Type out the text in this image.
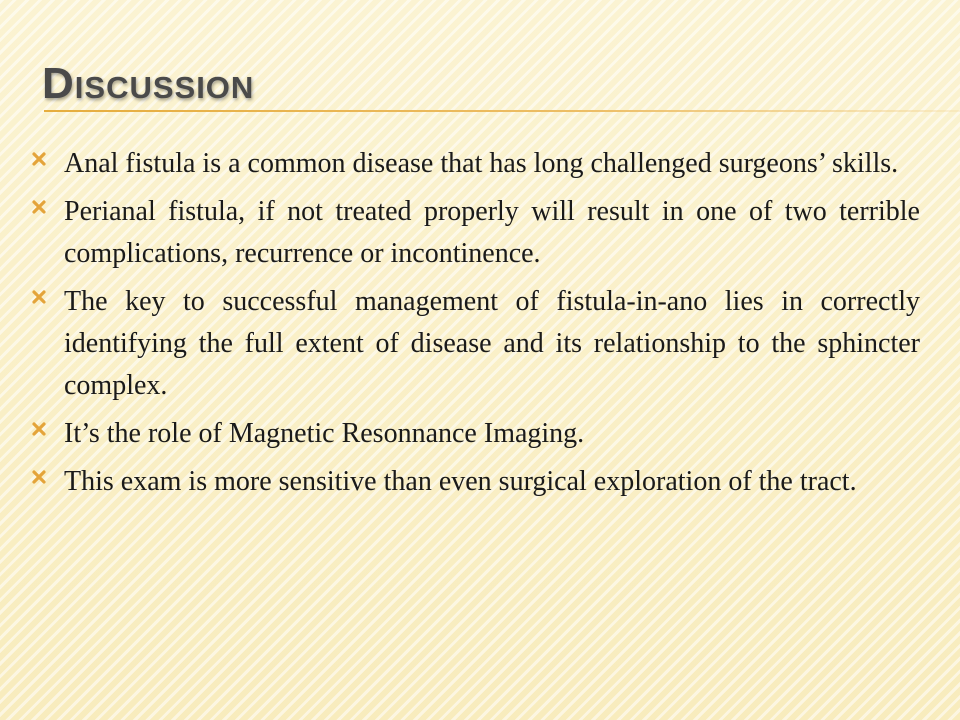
Discussion
Anal fistula is a common disease that has long challenged surgeons’ skills.
Perianal fistula, if not treated properly will result in one of two terrible complications, recurrence or incontinence.
The key to successful management of fistula-in-ano lies in correctly identifying the full extent of disease and its relationship to the sphincter complex.
It’s the role of Magnetic Resonnance Imaging.
This exam is more sensitive than even surgical exploration of the tract.
